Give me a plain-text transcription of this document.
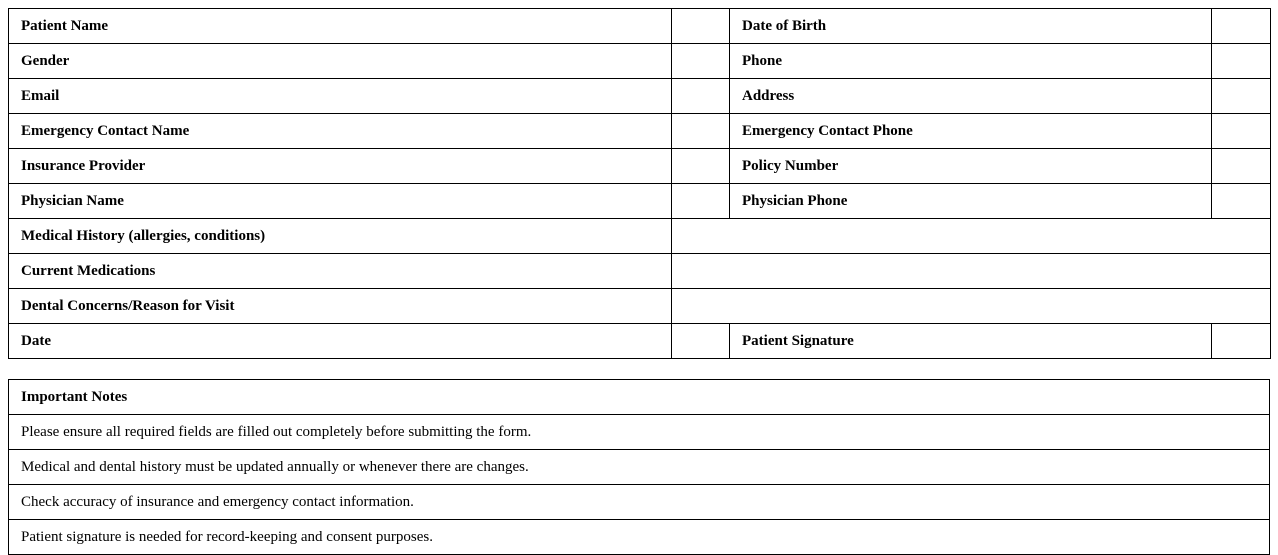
Patient Name		Date of Birth	
Gender		Phone	
Email		Address	
Emergency Contact Name		Emergency Contact Phone	
Insurance Provider		Policy Number	
Physician Name		Physician Phone	
Medical History (allergies, conditions)			
Current Medications			
Dental Concerns/Reason for Visit			
Date		Patient Signature	
Important Notes
Please ensure all required fields are filled out completely before submitting the form.
Medical and dental history must be updated annually or whenever there are changes.
Check accuracy of insurance and emergency contact information.
Patient signature is needed for record-keeping and consent purposes.
